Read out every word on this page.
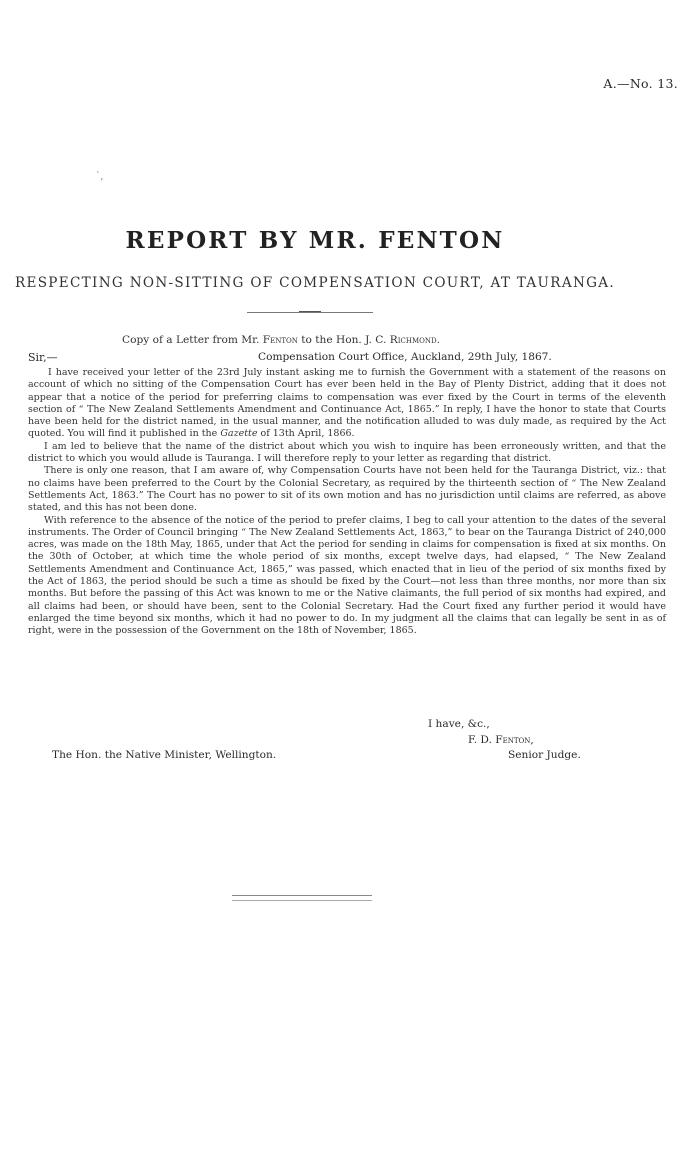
A.—No. 13.
`,
REPORT BY MR. FENTON
RESPECTING NON-SITTING OF COMPENSATION COURT, AT TAURANGA.
Copy of a Letter from Mr. Fenton to the Hon. J. C. Richmond.
Sir,—	Compensation Court Office, Auckland, 29th July, 1867.

I have received your letter of the 23rd July instant asking me to furnish the Government with a statement of the reasons on account of which no sitting of the Compensation Court has ever been held in the Bay of Plenty District, adding that it does not appear that a notice of the period for preferring claims to compensation was ever fixed by the Court in terms of the eleventh section of “ The New Zealand Settlements Amendment and Continuance Act, 1865.” In reply, I have the honor to state that Courts have been held for the district named, in the usual manner, and the notification alluded to was duly made, as required by the Act quoted. You will find it published in the Gazette of 13th April, 1866.

I am led to believe that the name of the district about which you wish to inquire has been erroneously written, and that the district to which you would allude is Tauranga. I will therefore reply to your letter as regarding that district.

There is only one reason, that I am aware of, why Compensation Courts have not been held for the Tauranga District, viz.: that no claims have been preferred to the Court by the Colonial Secretary, as required by the thirteenth section of “ The New Zealand Settlements Act, 1863.” The Court has no power to sit of its own motion and has no jurisdiction until claims are referred, as above stated, and this has not been done.

With reference to the absence of the notice of the period to prefer claims, I beg to call your attention to the dates of the several instruments. The Order of Council bringing “ The New Zealand Settlements Act, 1863,” to bear on the Tauranga District of 240,000 acres, was made on the 18th May, 1865, under that Act the period for sending in claims for compensation is fixed at six months. On the 30th of October, at which time the whole period of six months, except twelve days, had elapsed, “ The New Zealand Settlements Amendment and Continuance Act, 1865,” was passed, which enacted that in lieu of the period of six months fixed by the Act of 1863, the period should be such a time as should be fixed by the Court—not less than three months, nor more than six months. But before the passing of this Act was known to me or the Native claimants, the full period of six months had expired, and all claims had been, or should have been, sent to the Colonial Secretary. Had the Court fixed any further period it would have enlarged the time beyond six months, which it had no power to do. In my judgment all the claims that can legally be sent in as of right, were in the possession of the Government on the 18th of November, 1865.

I have, &c.,
F. D. Fenton,
The Hon. the Native Minister, Wellington.	Senior Judge.
